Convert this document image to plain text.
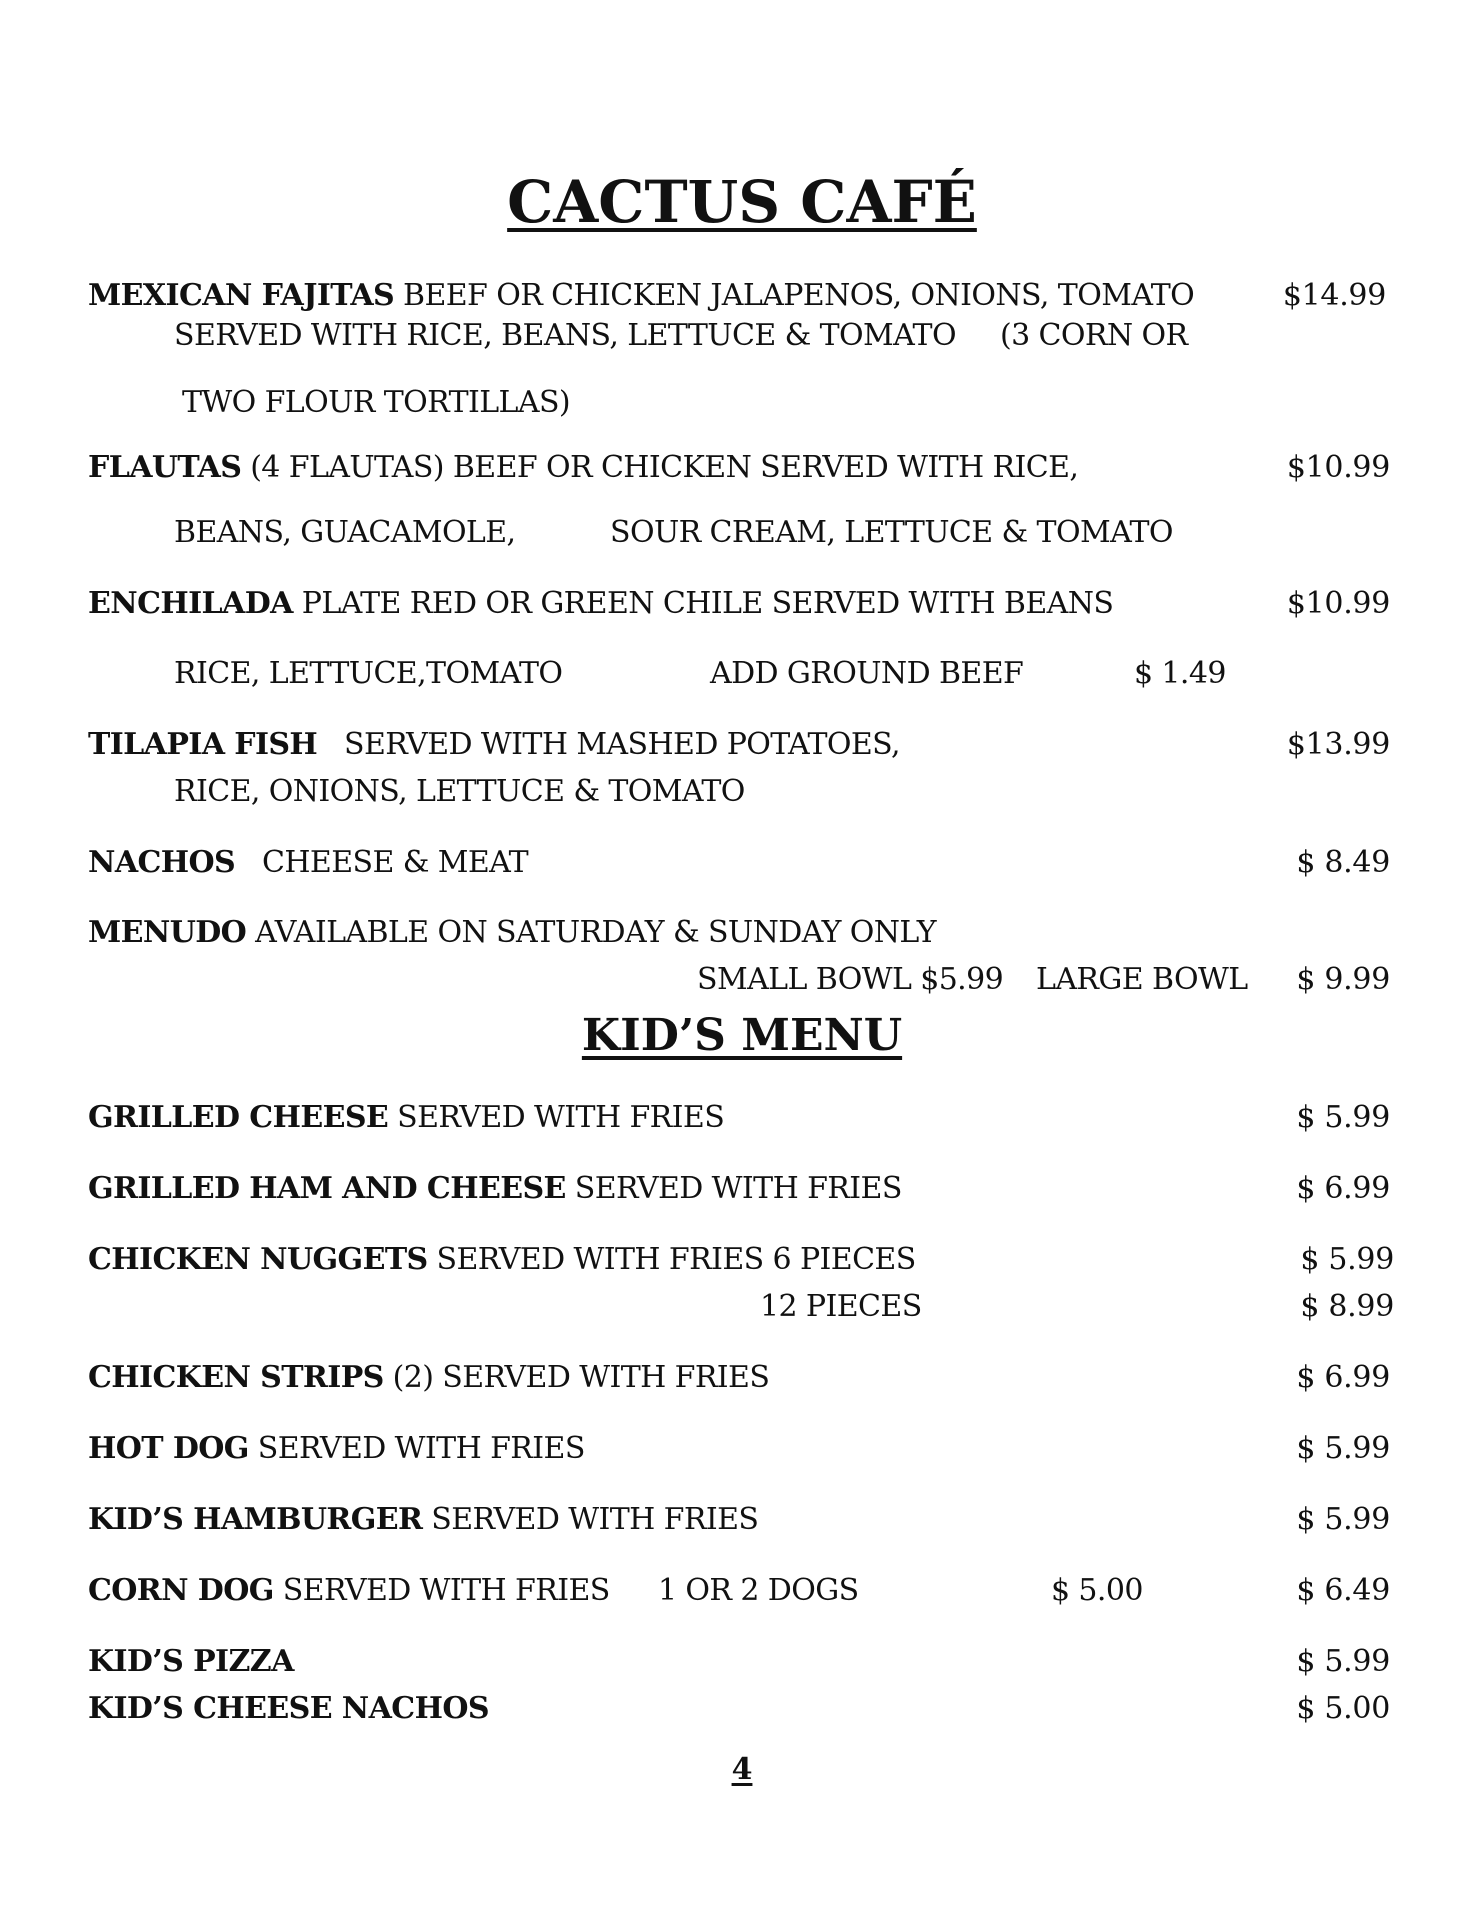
CACTUS CAFÉ
MEXICAN FAJITAS BEEF OR CHICKEN JALAPENOS, ONIONS, TOMATO	$14.99
SERVED WITH RICE, BEANS, LETTUCE & TOMATO (3 CORN OR
TWO FLOUR TORTILLAS)
FLAUTAS (4 FLAUTAS) BEEF OR CHICKEN SERVED WITH RICE,	$10.99
BEANS, GUACAMOLE,	SOUR CREAM, LETTUCE & TOMATO
ENCHILADA PLATE RED OR GREEN CHILE SERVED WITH BEANS	$10.99
RICE, LETTUCE,TOMATO	ADD GROUND BEEF	$ 1.49
TILAPIA FISH SERVED WITH MASHED POTATOES,	$13.99
RICE, ONIONS, LETTUCE & TOMATO
NACHOS CHEESE & MEAT	$ 8.49
MENUDO AVAILABLE ON SATURDAY & SUNDAY ONLY
SMALL BOWL $5.99 LARGE BOWL	$ 9.99
KID’S MENU
GRILLED CHEESE SERVED WITH FRIES	$ 5.99
GRILLED HAM AND CHEESE SERVED WITH FRIES	$ 6.99
CHICKEN NUGGETS SERVED WITH FRIES 6 PIECES	$ 5.99
12 PIECES	$ 8.99
CHICKEN STRIPS (2) SERVED WITH FRIES	$ 6.99
HOT DOG SERVED WITH FRIES	$ 5.99
KID’S HAMBURGER SERVED WITH FRIES	$ 5.99
CORN DOG SERVED WITH FRIES 1 OR 2 DOGS	$ 5.00	$ 6.49
KID’S PIZZA	$ 5.99
KID’S CHEESE NACHOS	$ 5.00
4
